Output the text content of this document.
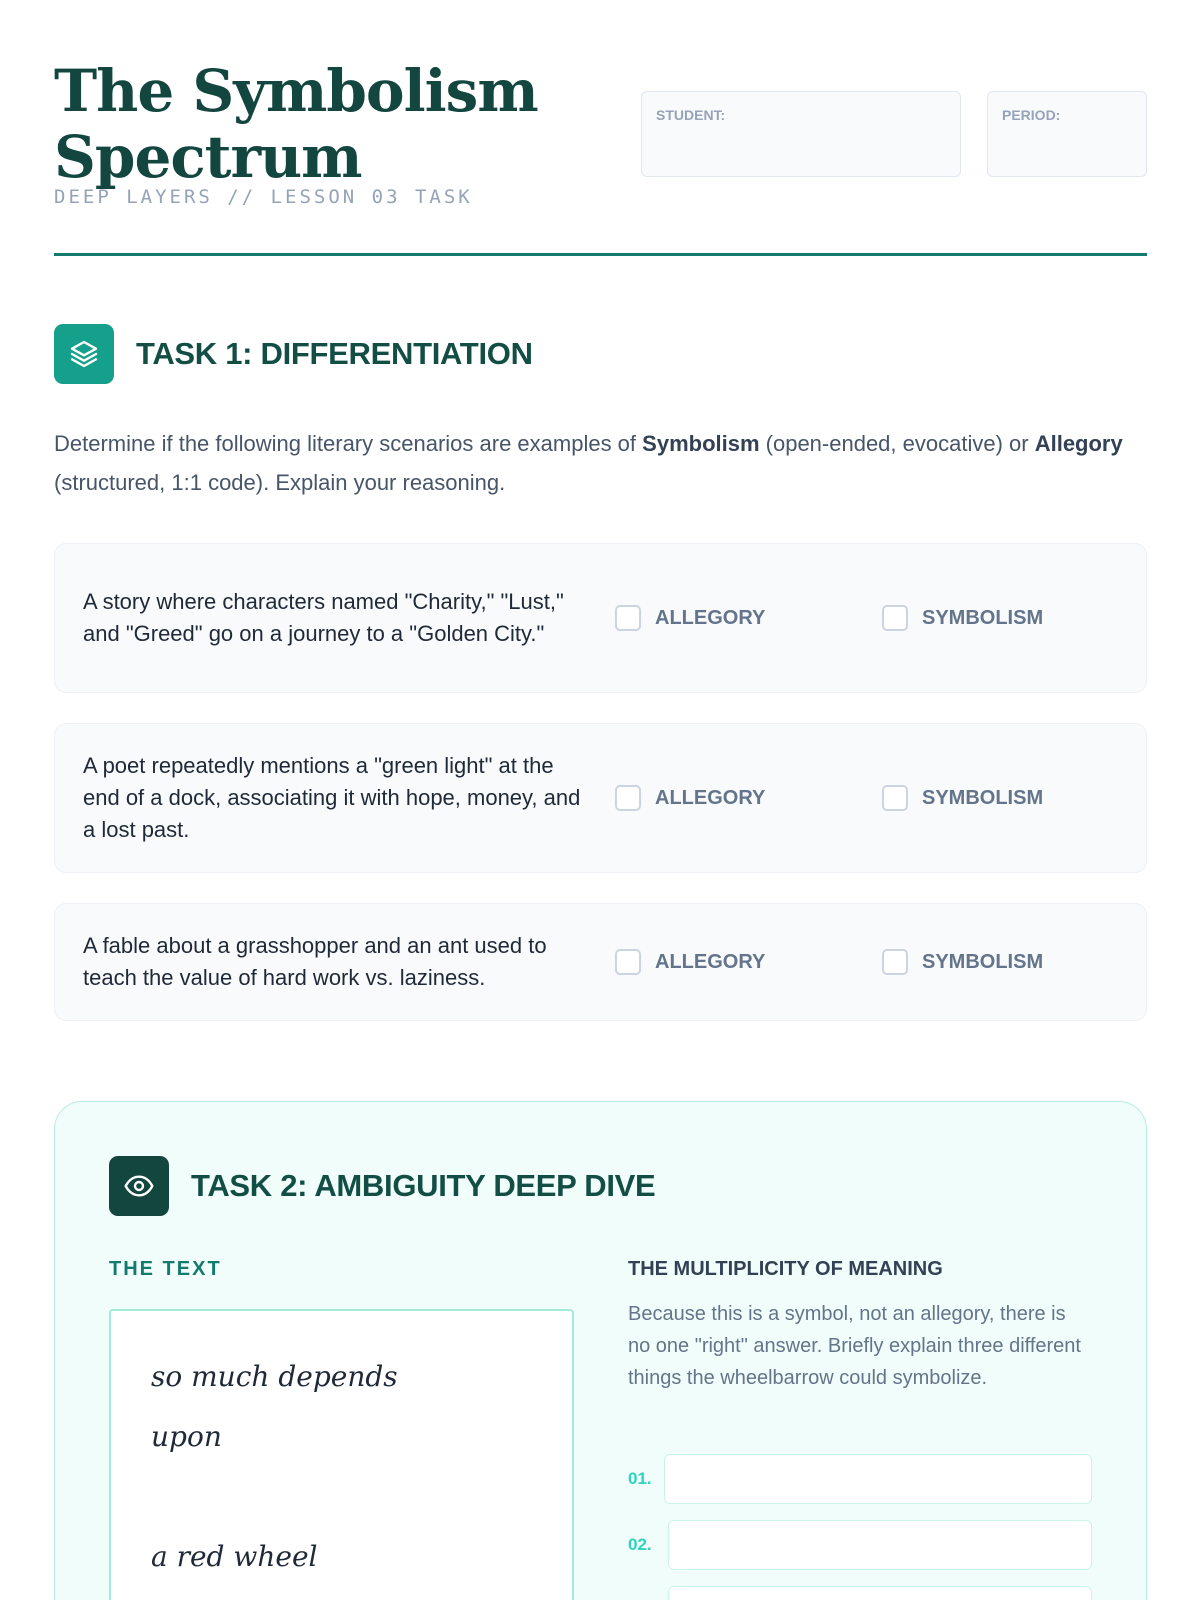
The Symbolism Spectrum
DEEP LAYERS // LESSON 03 TASK
STUDENT:	PERIOD:
TASK 1: DIFFERENTIATION

Determine if the following literary scenarios are examples of Symbolism (open-ended, evocative) or Allegory (structured, 1:1 code). Explain your reasoning.

A story where characters named "Charity," "Lust," and "Greed" go on a journey to a "Golden City."
ALLEGORY	SYMBOLISM
A poet repeatedly mentions a "green light" at the end of a dock, associating it with hope, money, and a lost past.
ALLEGORY	SYMBOLISM
A fable about a grasshopper and an ant used to teach the value of hard work vs. laziness.
ALLEGORY	SYMBOLISM
TASK 2: AMBIGUITY DEEP DIVE
THE TEXT	THE MULTIPLICITY OF MEANING
so much depends
upon
a red wheel

Because this is a symbol, not an allegory, there is no one "right" answer. Briefly explain three different things the wheelbarrow could symbolize.

01.
02.
